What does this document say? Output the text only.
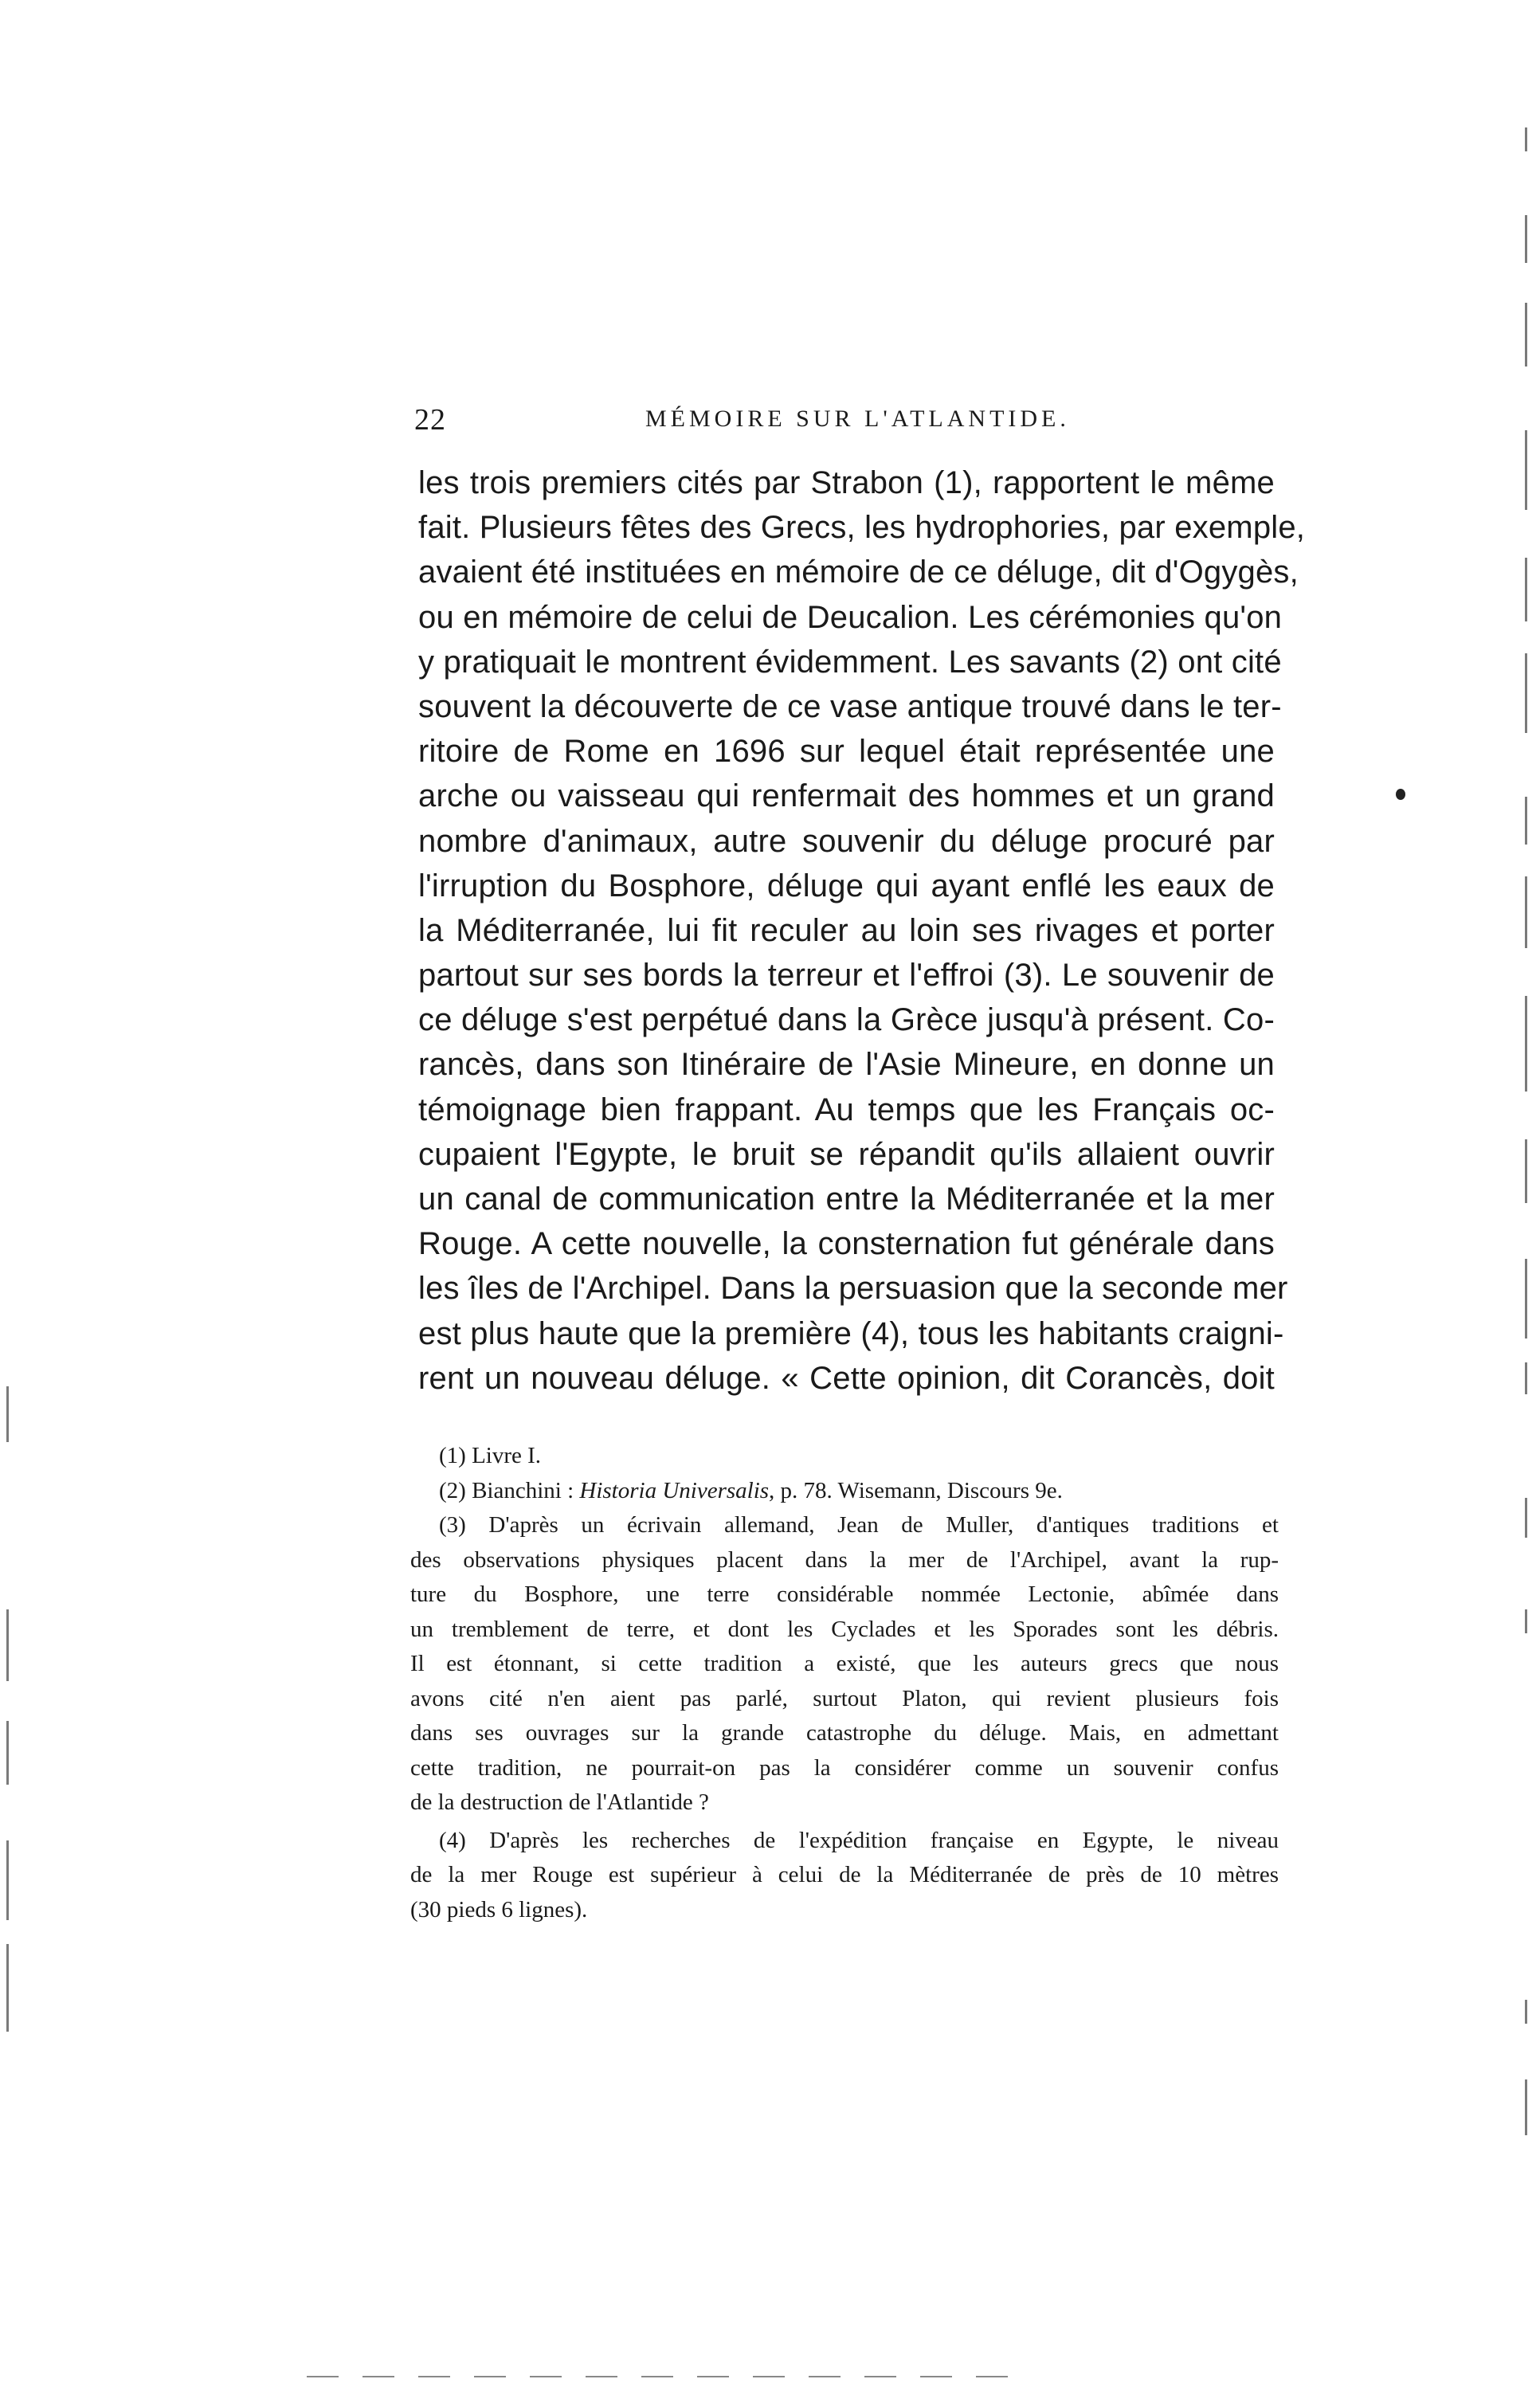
22	MÉMOIRE SUR L'ATLANTIDE.
les trois premiers cités par Strabon (1), rapportent le même
fait. Plusieurs fêtes des Grecs, les hydrophories, par exemple,
avaient été instituées en mémoire de ce déluge, dit d'Ogygès,
ou en mémoire de celui de Deucalion. Les cérémonies qu'on
y pratiquait le montrent évidemment. Les savants (2) ont cité
souvent la découverte de ce vase antique trouvé dans le ter-
ritoire de Rome en 1696 sur lequel était représentée une
arche ou vaisseau qui renfermait des hommes et un grand
nombre d'animaux, autre souvenir du déluge procuré par
l'irruption du Bosphore, déluge qui ayant enflé les eaux de
la Méditerranée, lui fit reculer au loin ses rivages et porter
partout sur ses bords la terreur et l'effroi (3). Le souvenir de
ce déluge s'est perpétué dans la Grèce jusqu'à présent. Co-
rancès, dans son Itinéraire de l'Asie Mineure, en donne un
témoignage bien frappant. Au temps que les Français oc-
cupaient l'Egypte, le bruit se répandit qu'ils allaient ouvrir
un canal de communication entre la Méditerranée et la mer
Rouge. A cette nouvelle, la consternation fut générale dans
les îles de l'Archipel. Dans la persuasion que la seconde mer
est plus haute que la première (4), tous les habitants craigni-
rent un nouveau déluge. « Cette opinion, dit Corancès, doit
(1) Livre I.
(2) Bianchini : Historia Universalis, p. 78. Wisemann, Discours 9e.
(3) D'après un écrivain allemand, Jean de Muller, d'antiques traditions et
des observations physiques placent dans la mer de l'Archipel, avant la rup-
ture du Bosphore, une terre considérable nommée Lectonie, abîmée dans
un tremblement de terre, et dont les Cyclades et les Sporades sont les débris.
Il est étonnant, si cette tradition a existé, que les auteurs grecs que nous
avons cité n'en aient pas parlé, surtout Platon, qui revient plusieurs fois
dans ses ouvrages sur la grande catastrophe du déluge. Mais, en admettant
cette tradition, ne pourrait-on pas la considérer comme un souvenir confus
de la destruction de l'Atlantide ?
(4) D'après les recherches de l'expédition française en Egypte, le niveau
de la mer Rouge est supérieur à celui de la Méditerranée de près de 10 mètres
(30 pieds 6 lignes).
